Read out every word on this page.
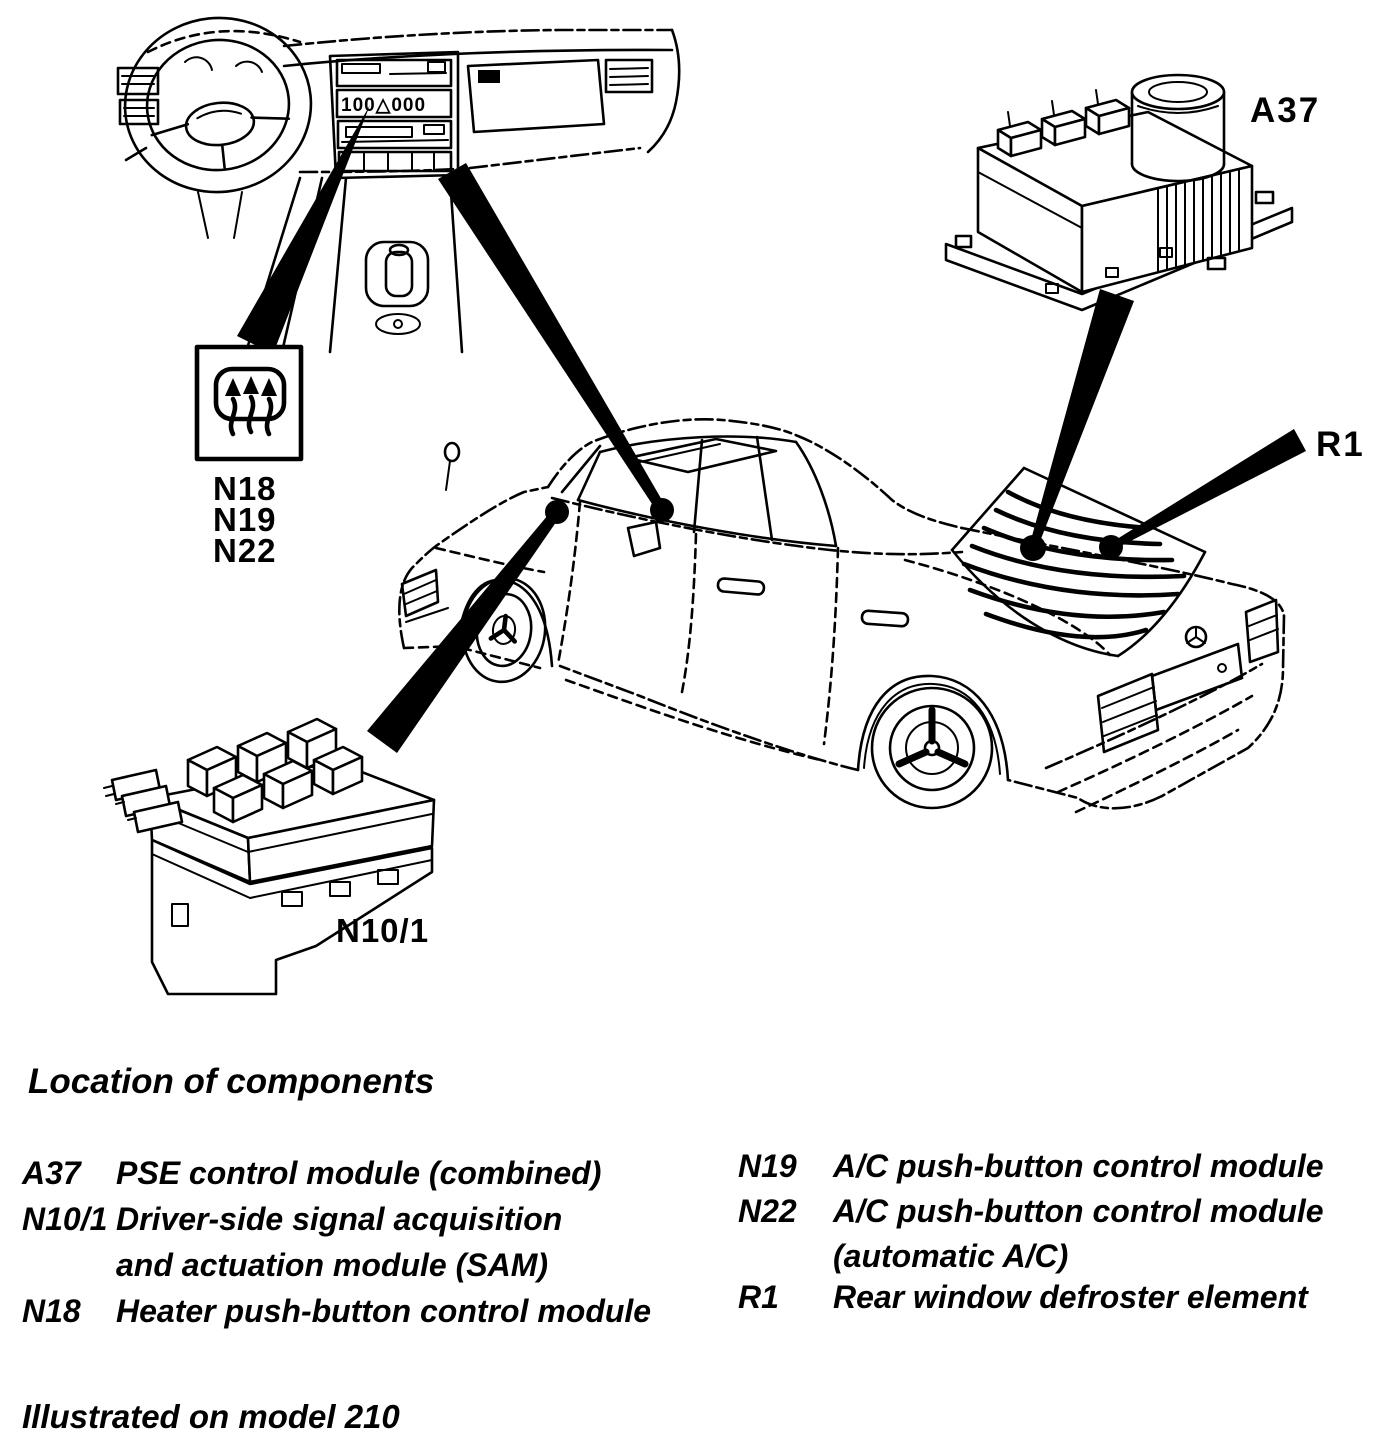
100△000	A37
R1
N18
N19
N22
N10/1
Location of components
A37 PSE control module (combined)
N10/1 Driver-side signal acquisition
and actuation module (SAM)
N18 Heater push-button control module
N19 A/C push-button control module
N22 A/C push-button control module
(automatic A/C)
R1 Rear window defroster element
Illustrated on model 210
